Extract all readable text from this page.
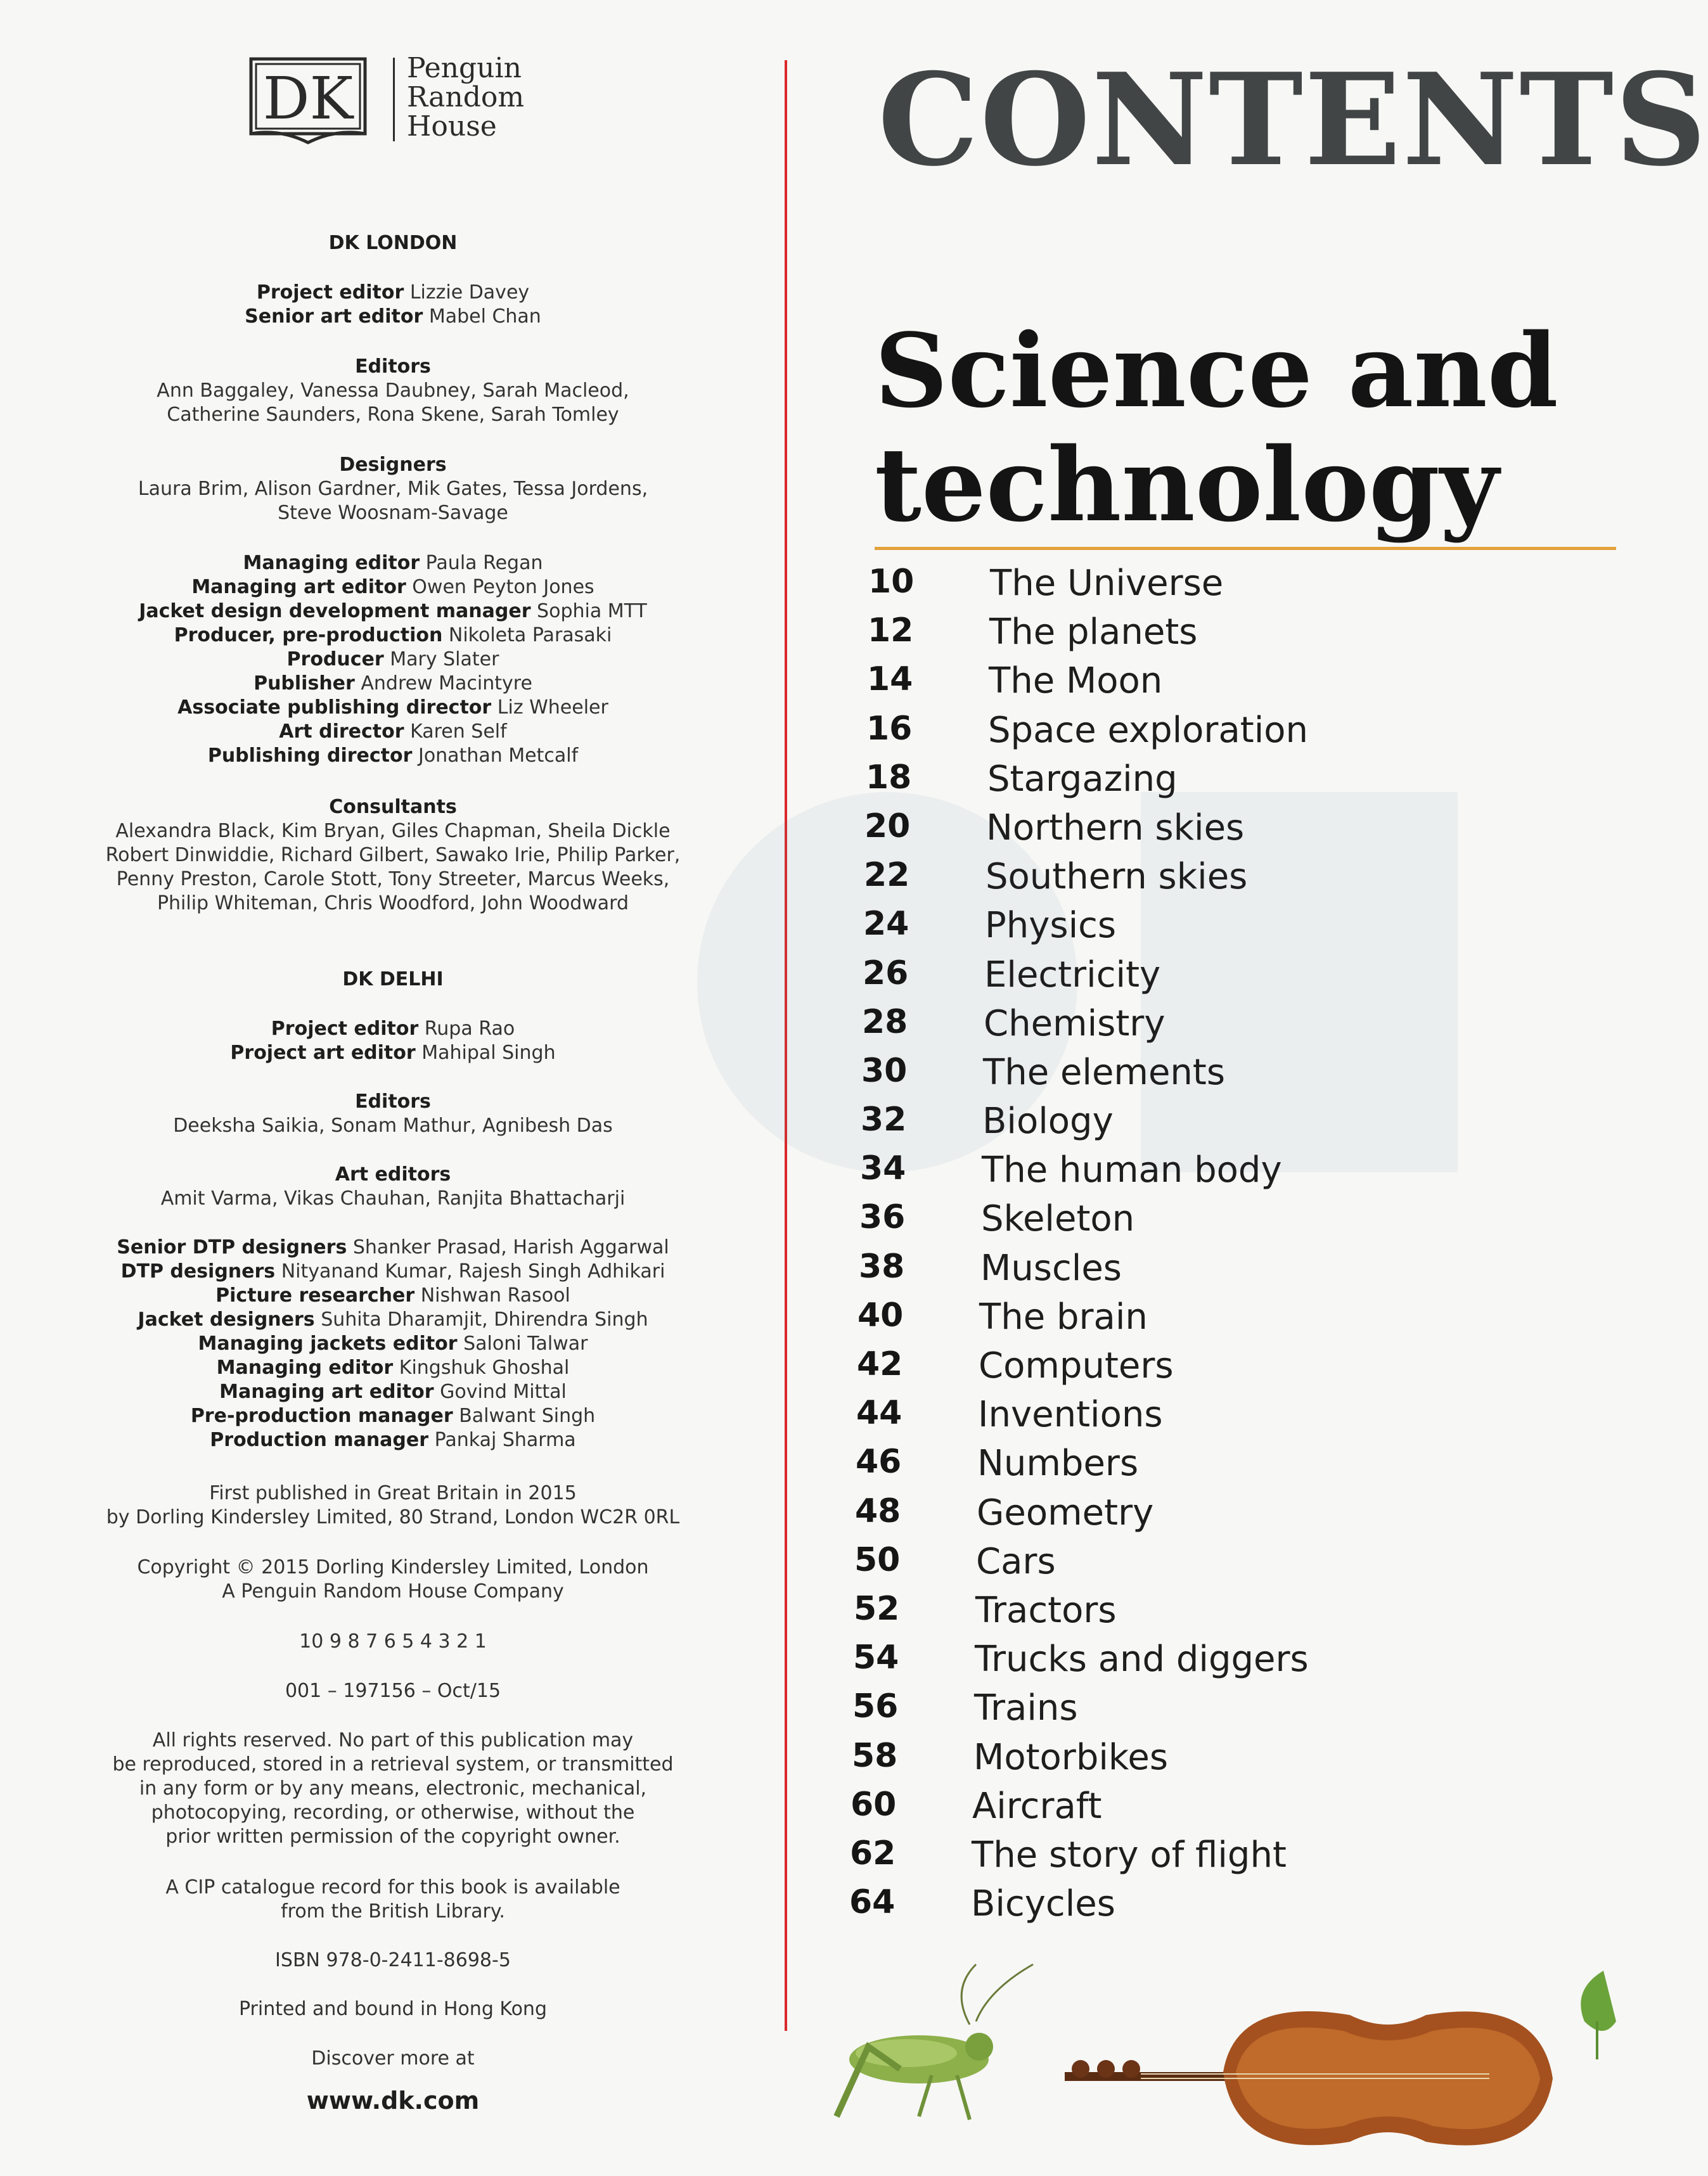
DK Penguin
Random
House
DK LONDON
Project editor Lizzie Davey
Senior art editor Mabel Chan
Editors
Ann Baggaley, Vanessa Daubney, Sarah Macleod,
Catherine Saunders, Rona Skene, Sarah Tomley
Designers
Laura Brim, Alison Gardner, Mik Gates, Tessa Jordens,
Steve Woosnam-Savage
Managing editor Paula Regan
Managing art editor Owen Peyton Jones
Jacket design development manager Sophia MTT
Producer, pre-production Nikoleta Parasaki
Producer Mary Slater
Publisher Andrew Macintyre
Associate publishing director Liz Wheeler
Art director Karen Self
Publishing director Jonathan Metcalf
Consultants
Alexandra Black, Kim Bryan, Giles Chapman, Sheila Dickle
Robert Dinwiddie, Richard Gilbert, Sawako Irie, Philip Parker,
Penny Preston, Carole Stott, Tony Streeter, Marcus Weeks,
Philip Whiteman, Chris Woodford, John Woodward
DK DELHI
Project editor Rupa Rao
Project art editor Mahipal Singh
Editors
Deeksha Saikia, Sonam Mathur, Agnibesh Das
Art editors
Amit Varma, Vikas Chauhan, Ranjita Bhattacharji
Senior DTP designers Shanker Prasad, Harish Aggarwal
DTP designers Nityanand Kumar, Rajesh Singh Adhikari
Picture researcher Nishwan Rasool
Jacket designers Suhita Dharamjit, Dhirendra Singh
Managing jackets editor Saloni Talwar
Managing editor Kingshuk Ghoshal
Managing art editor Govind Mittal
Pre-production manager Balwant Singh
Production manager Pankaj Sharma
First published in Great Britain in 2015
by Dorling Kindersley Limited, 80 Strand, London WC2R 0RL
Copyright © 2015 Dorling Kindersley Limited, London
A Penguin Random House Company
10 9 8 7 6 5 4 3 2 1
001 – 197156 – Oct/15
All rights reserved. No part of this publication may
be reproduced, stored in a retrieval system, or transmitted
in any form or by any means, electronic, mechanical,
photocopying, recording, or otherwise, without the
prior written permission of the copyright owner.
A CIP catalogue record for this book is available
from the British Library.
ISBN 978-0-2411-8698-5
Printed and bound in Hong Kong
Discover more at
www.dk.com
CONTENTS
Science and
technology
10	The Universe
12	The planets
14	The Moon
16	Space exploration
18	Stargazing
20	Northern skies
22	Southern skies
24	Physics
26	Electricity
28	Chemistry
30	The elements
32	Biology
34	The human body
36	Skeleton
38	Muscles
40	The brain
42	Computers
44	Inventions
46	Numbers
48	Geometry
50	Cars
52	Tractors
54	Trucks and diggers
56	Trains
58	Motorbikes
60	Aircraft
62	The story of flight
64	Bicycles
